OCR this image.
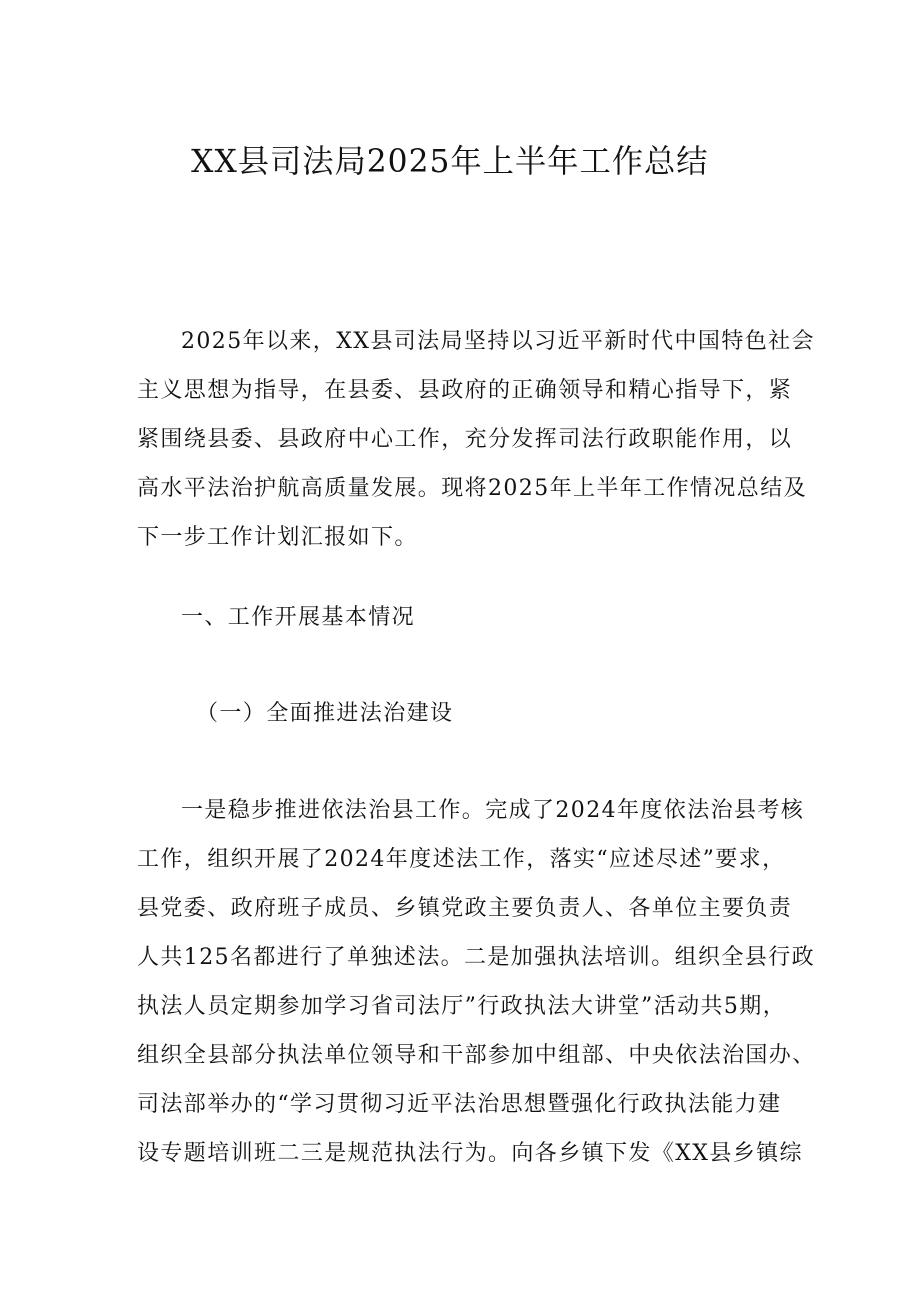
XX县司法局2025年上半年工作总结
2025年以来，XX县司法局坚持以习近平新时代中国特色社会
主义思想为指导，在县委、县政府的正确领导和精心指导下，紧
紧围绕县委、县政府中心工作，充分发挥司法行政职能作用，以
高水平法治护航高质量发展。现将2025年上半年工作情况总结及
下一步工作计划汇报如下。
一、工作开展基本情况
（一）全面推进法治建设
一是稳步推进依法治县工作。完成了2024年度依法治县考核
工作，组织开展了2024年度述法工作，落实“应述尽述”要求，
县党委、政府班子成员、乡镇党政主要负责人、各单位主要负责
人共125名都进行了单独述法。二是加强执法培训。组织全县行政
执法人员定期参加学习省司法厅”行政执法大讲堂”活动共5期，
组织全县部分执法单位领导和干部参加中组部、中央依法治国办、
司法部举办的“学习贯彻习近平法治思想暨强化行政执法能力建
设专题培训班二三是规范执法行为。向各乡镇下发《XX县乡镇综
